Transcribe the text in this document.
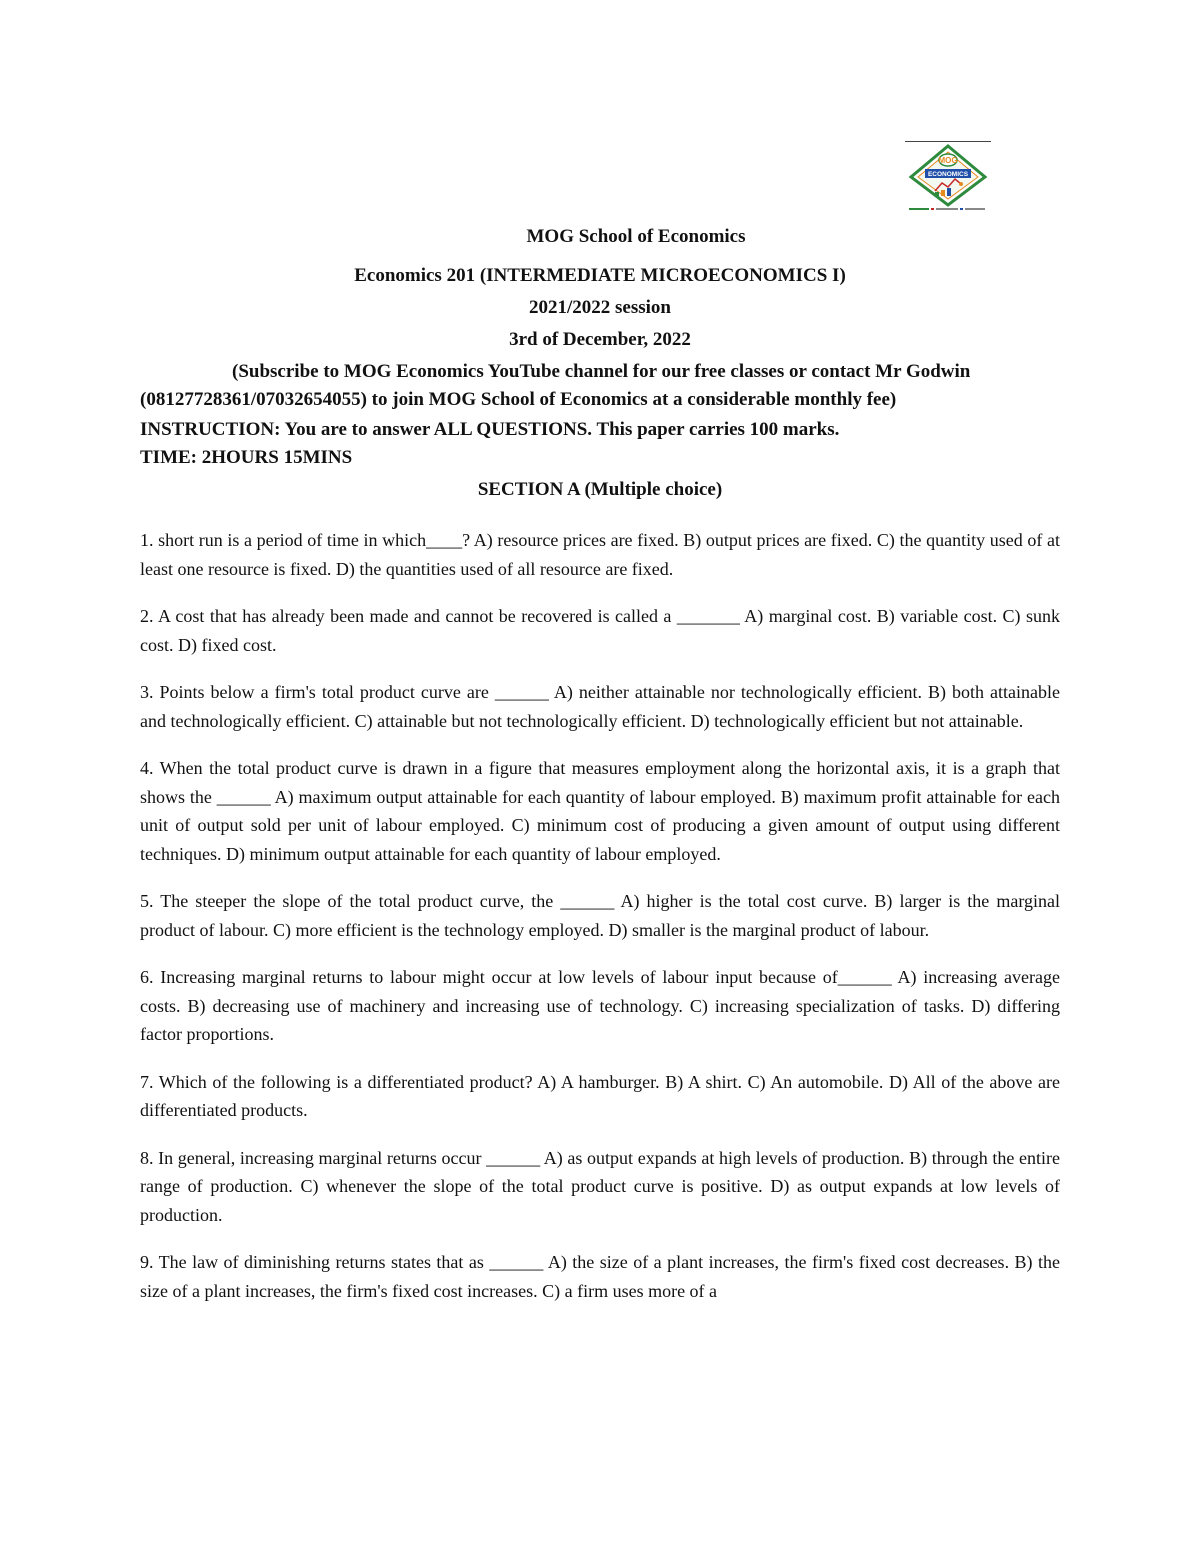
MOG
ECONOMICS
MOG School of Economics
Economics 201 (INTERMEDIATE MICROECONOMICS I)
2021/2022 session
3rd of December, 2022
(Subscribe to MOG Economics YouTube channel for our free classes or contact Mr Godwin (08127728361/07032654055) to join MOG School of Economics at a considerable monthly fee)
INSTRUCTION: You are to answer ALL QUESTIONS. This paper carries 100 marks.
TIME: 2HOURS 15MINS
SECTION A (Multiple choice)

1. short run is a period of time in which____? A) resource prices are fixed. B) output prices are fixed. C) the quantity used of at least one resource is fixed. D) the quantities used of all resource are fixed.

2. A cost that has already been made and cannot be recovered is called a _______ A) marginal cost. B) variable cost. C) sunk cost. D) fixed cost.

3. Points below a firm's total product curve are ______ A) neither attainable nor technologically efficient. B) both attainable and technologically efficient. C) attainable but not technologically efficient. D) technologically efficient but not attainable.

4. When the total product curve is drawn in a figure that measures employment along the horizontal axis, it is a graph that shows the ______ A) maximum output attainable for each quantity of labour employed. B) maximum profit attainable for each unit of output sold per unit of labour employed. C) minimum cost of producing a given amount of output using different techniques. D) minimum output attainable for each quantity of labour employed.

5. The steeper the slope of the total product curve, the ______ A) higher is the total cost curve. B) larger is the marginal product of labour. C) more efficient is the technology employed. D) smaller is the marginal product of labour.

6. Increasing marginal returns to labour might occur at low levels of labour input because of______ A) increasing average costs. B) decreasing use of machinery and increasing use of technology. C) increasing specialization of tasks. D) differing factor proportions.

7. Which of the following is a differentiated product? A) A hamburger. B) A shirt. C) An automobile. D) All of the above are differentiated products.

8. In general, increasing marginal returns occur ______ A) as output expands at high levels of production. B) through the entire range of production. C) whenever the slope of the total product curve is positive. D) as output expands at low levels of production.

9. The law of diminishing returns states that as ______ A) the size of a plant increases, the firm's fixed cost decreases. B) the size of a plant increases, the firm's fixed cost increases. C) a firm uses more of a
